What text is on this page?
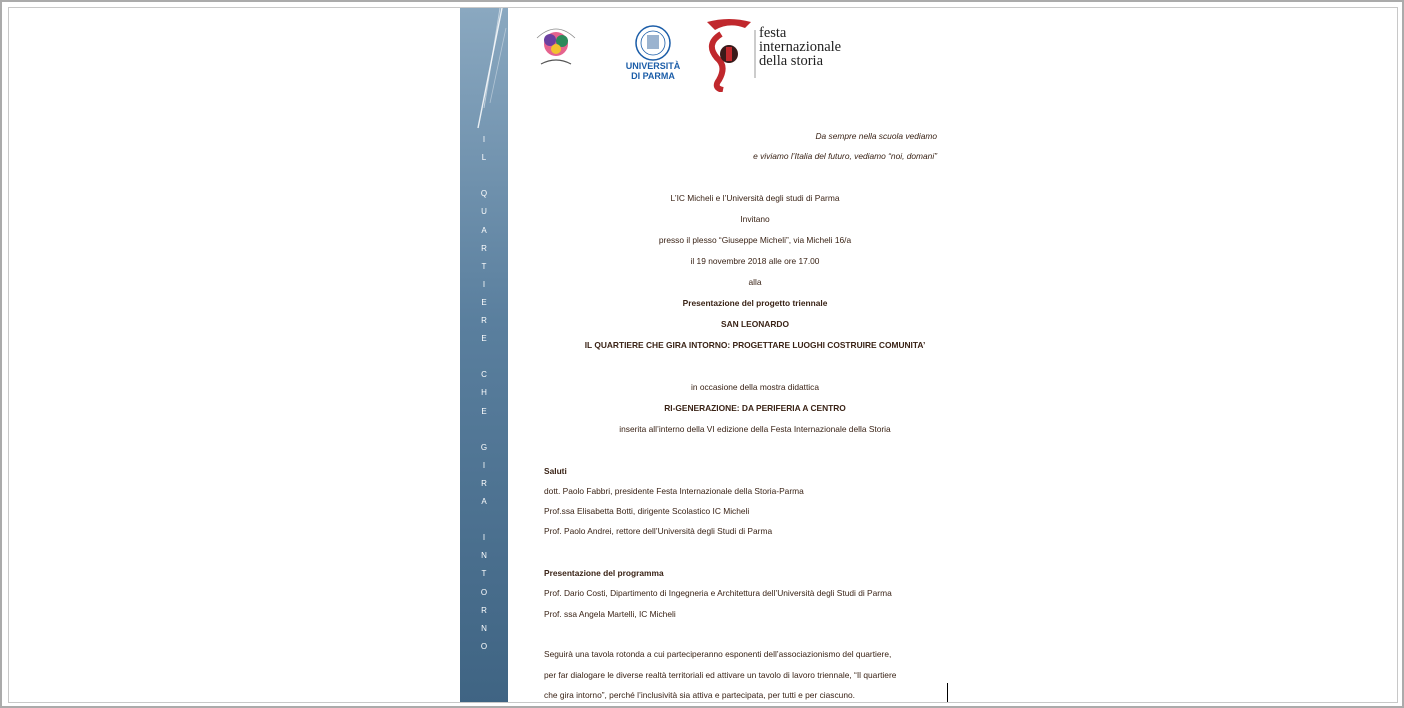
I
L
Q
U
A
R
T
I
E
R
E
C
H
E
G
I
R
A
I
N
T
O
R
N
O
UNIVERSITÀ
DI PARMA
festa
internazionale
della storia
Da sempre nella scuola vediamo
e viviamo l’Italia del futuro, vediamo “noi, domani”
L’IC Micheli e l’Università degli studi di Parma
Invitano
presso il plesso “Giuseppe Micheli”, via Micheli 16/a
il 19 novembre 2018 alle ore 17.00
alla
Presentazione del progetto triennale
SAN LEONARDO
IL QUARTIERE CHE GIRA INTORNO: PROGETTARE LUOGHI COSTRUIRE COMUNITA’
in occasione della mostra didattica
RI-GENERAZIONE: DA PERIFERIA A CENTRO
inserita all’interno della VI edizione della Festa Internazionale della Storia
Saluti
dott. Paolo Fabbri, presidente Festa Internazionale della Storia-Parma
Prof.ssa Elisabetta Botti, dirigente Scolastico IC Micheli
Prof. Paolo Andrei, rettore dell’Università degli Studi di Parma
Presentazione del programma
Prof. Dario Costi, Dipartimento di Ingegneria e Architettura dell’Università degli Studi di Parma
Prof. ssa Angela Martelli, IC Micheli
Seguirà una tavola rotonda a cui parteciperanno esponenti dell’associazionismo del quartiere,
per far dialogare le diverse realtà territoriali ed attivare un tavolo di lavoro triennale, “Il quartiere
che gira intorno”, perché l’inclusività sia attiva e partecipata, per tutti e per ciascuno.
